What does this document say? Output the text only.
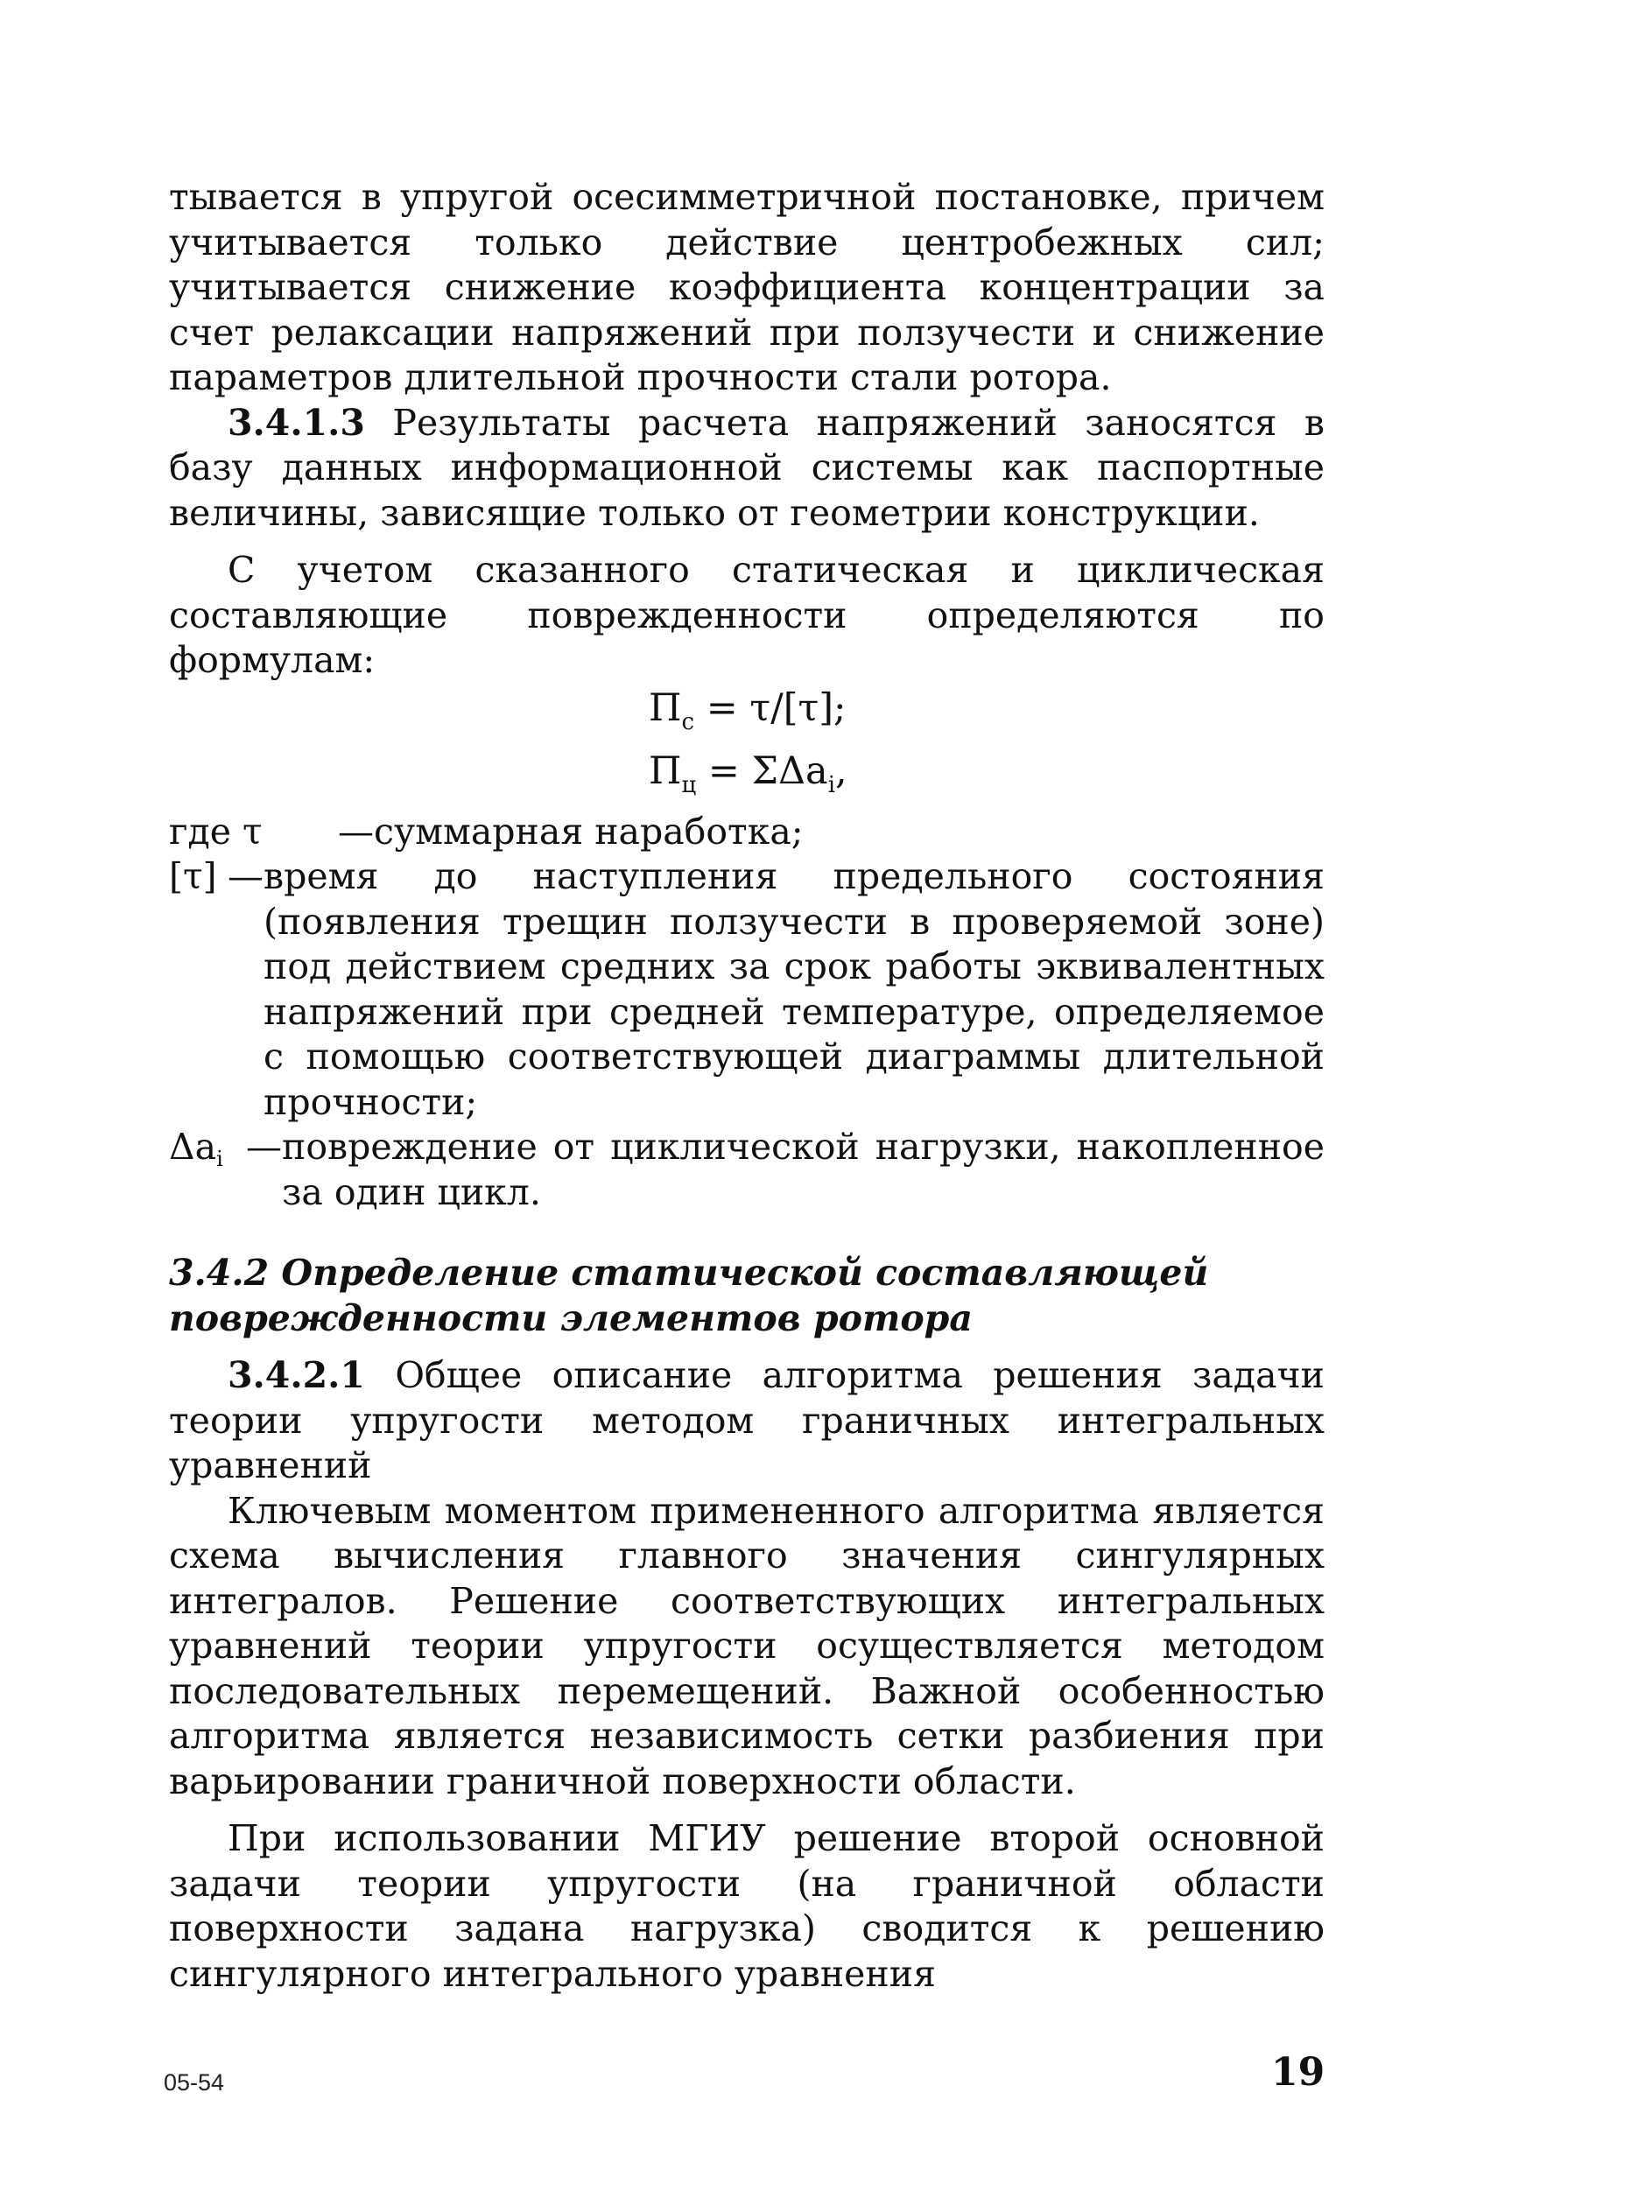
тывается в упругой осесимметричной постановке, причем учитывается только действие центробежных сил; учитывается снижение коэффициента концентрации за счет релаксации напряжений при ползучести и снижение параметров длительной прочности стали ротора.

3.4.1.3 Результаты расчета напряжений заносятся в базу данных информационной системы как паспортные величины, зависящие только от геометрии конструкции.

С учетом сказанного статическая и циклическая составляющие поврежденности определяются по формулам:

$П_с = \tau/[\tau]$;
$П_ц = \Sigma\Delta a_i$,
где τ	— суммарная наработка;
[τ] — время до наступления предельного состояния (появления трещин ползучести в проверяемой зоне) под действием средних за срок работы эквивалентных напряжений при средней температуре, определяемое с помощью соответствующей диаграммы длительной прочности;
$\Delta a_i$ — повреждение от циклической нагрузки, накопленное за один цикл.

3.4.2 Определение статической составляющей поврежденности элементов ротора

3.4.2.1 Общее описание алгоритма решения задачи теории упругости методом граничных интегральных уравнений

Ключевым моментом примененного алгоритма является схема вычисления главного значения сингулярных интегралов. Решение соответствующих интегральных уравнений теории упругости осуществляется методом последовательных перемещений. Важной особенностью алгоритма является независимость сетки разбиения при варьировании граничной поверхности области.

При использовании МГИУ решение второй основной задачи теории упругости (на граничной области поверхности задана нагрузка) сводится к решению сингулярного интегрального уравнения

05-54	19
